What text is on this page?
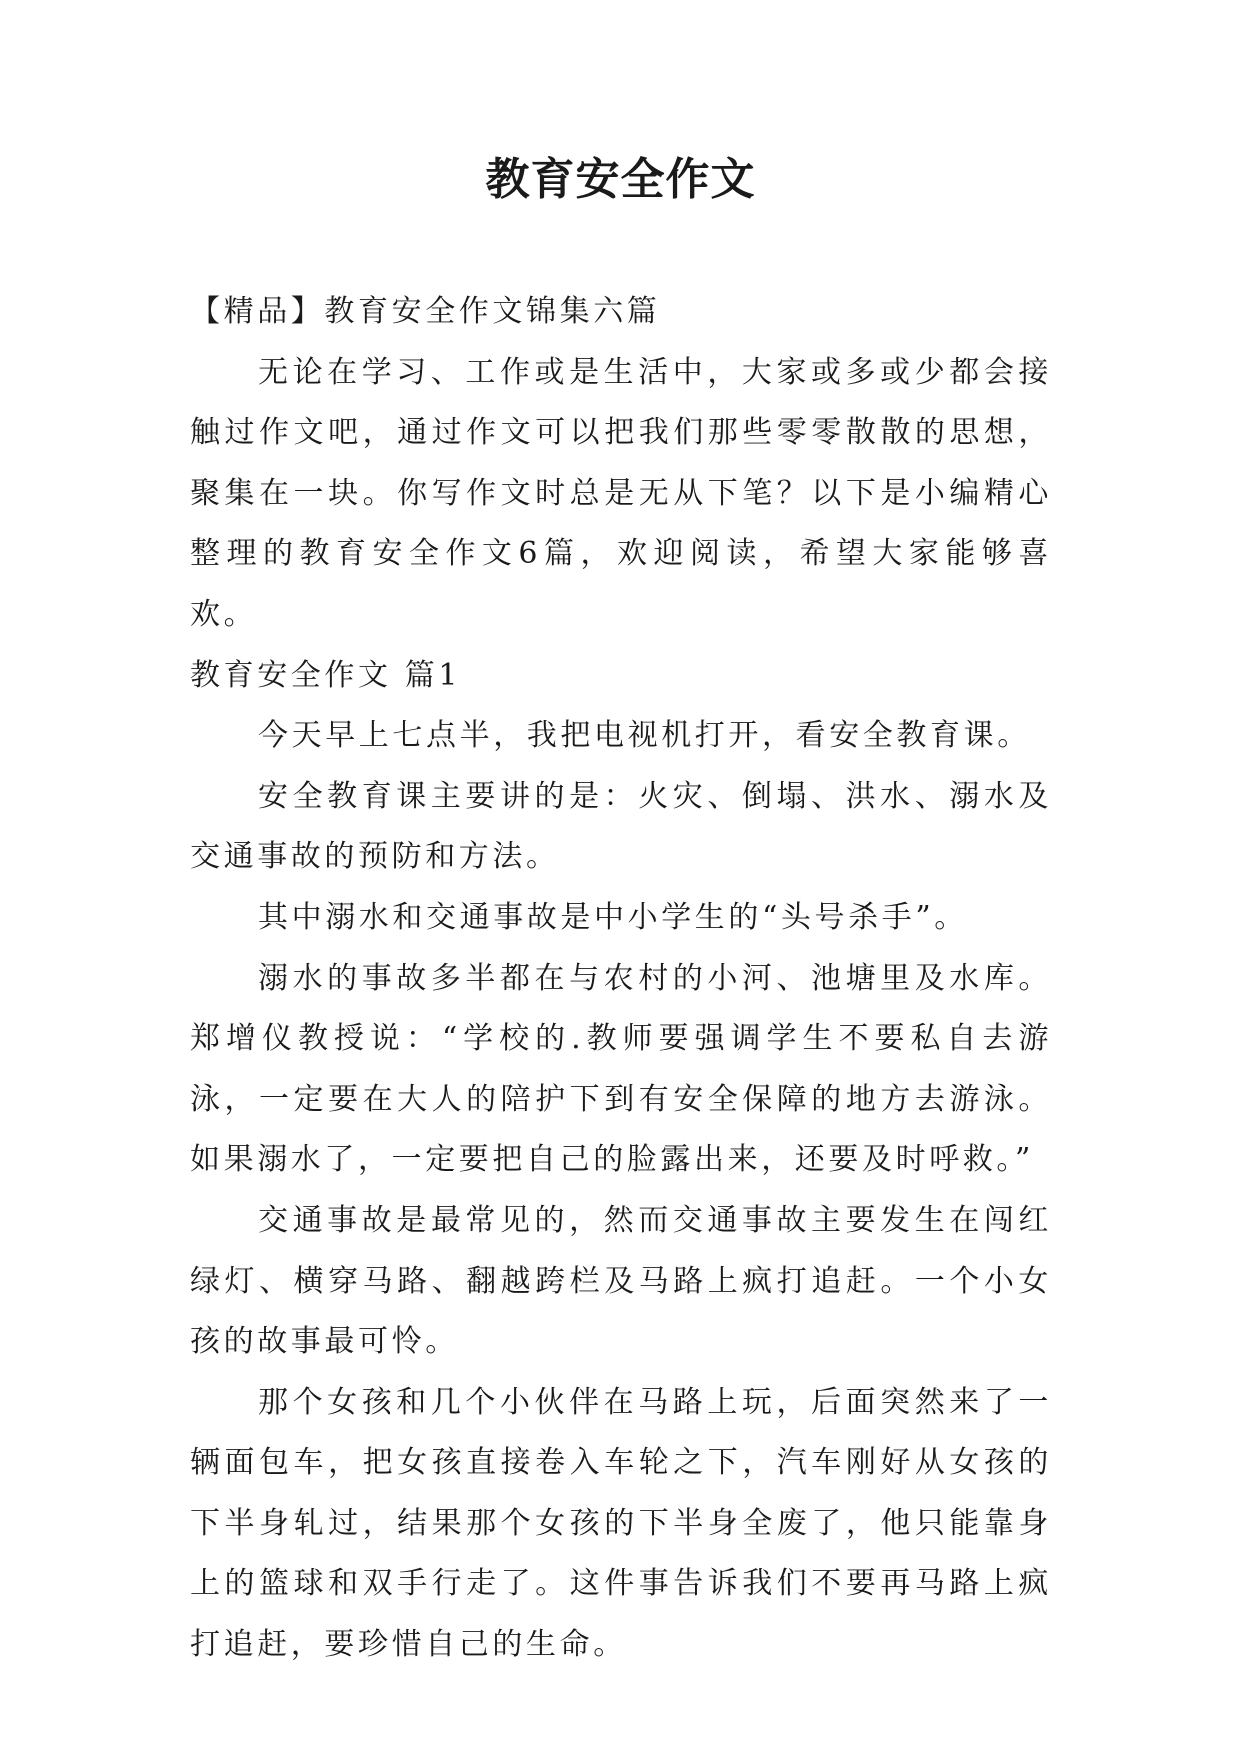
教育安全作文

【精品】教育安全作文锦集六篇

无论在学习、工作或是生活中，大家或多或少都会接触过作文吧，通过作文可以把我们那些零零散散的思想，聚集在一块。你写作文时总是无从下笔？以下是小编精心整理的教育安全作文6篇，欢迎阅读，希望大家能够喜欢。

教育安全作文 篇1

今天早上七点半，我把电视机打开，看安全教育课。

安全教育课主要讲的是：火灾、倒塌、洪水、溺水及交通事故的预防和方法。

其中溺水和交通事故是中小学生的“头号杀手”。

溺水的事故多半都在与农村的小河、池塘里及水库。郑增仪教授说：“学校的.教师要强调学生不要私自去游泳，一定要在大人的陪护下到有安全保障的地方去游泳。如果溺水了，一定要把自己的脸露出来，还要及时呼救。”

交通事故是最常见的，然而交通事故主要发生在闯红绿灯、横穿马路、翻越跨栏及马路上疯打追赶。一个小女孩的故事最可怜。

那个女孩和几个小伙伴在马路上玩，后面突然来了一辆面包车，把女孩直接卷入车轮之下，汽车刚好从女孩的下半身轧过，结果那个女孩的下半身全废了，他只能靠身上的篮球和双手行走了。这件事告诉我们不要再马路上疯打追赶，要珍惜自己的生命。
